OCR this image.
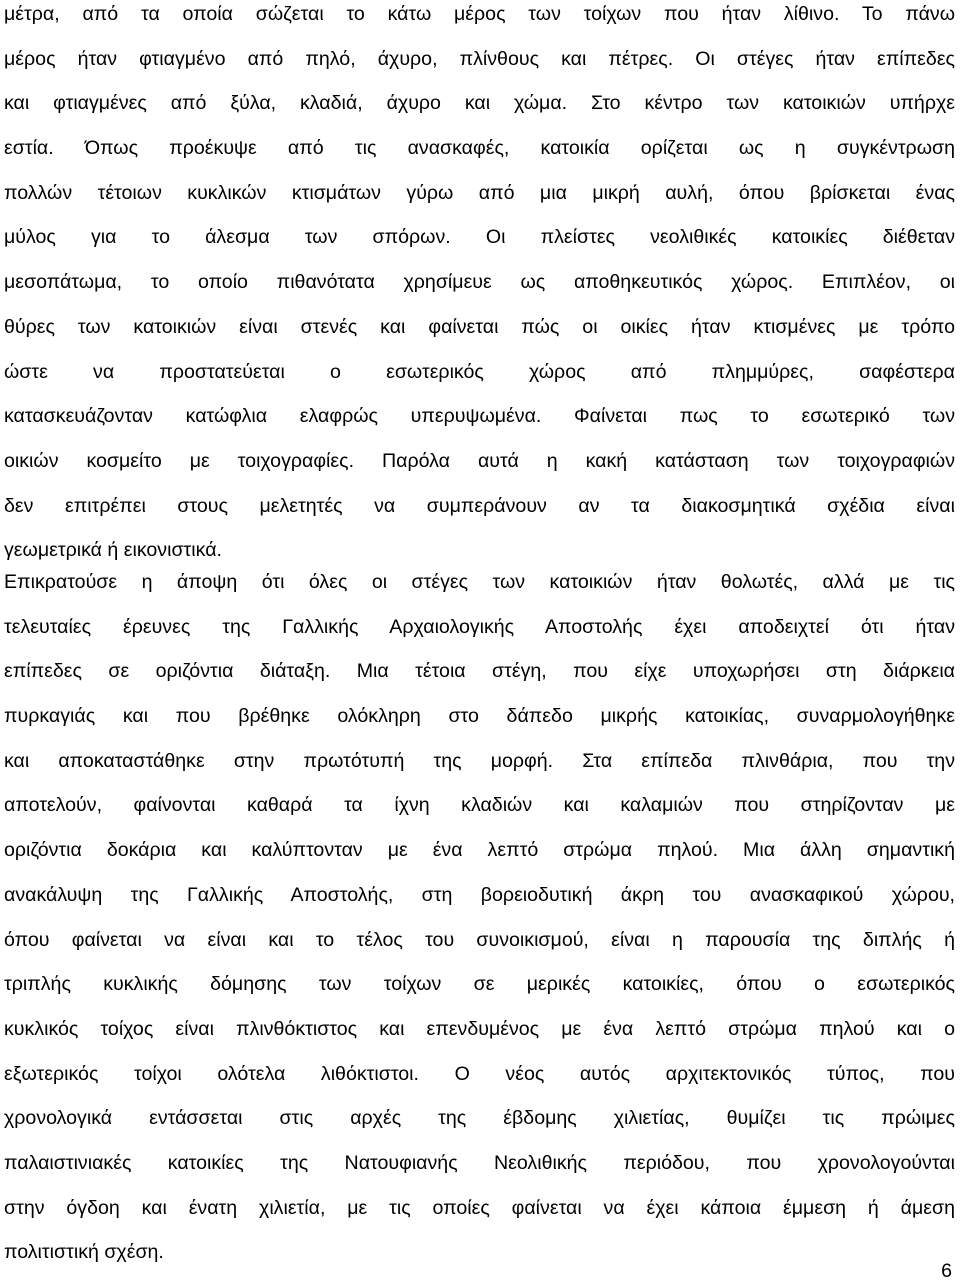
μέτρα, από τα οποία σώζεται το κάτω μέρος των τοίχων που ήταν λίθινο. Το πάνω
μέρος ήταν φτιαγμένο από πηλό, άχυρο, πλίνθους και πέτρες. Οι στέγες ήταν επίπεδες
και φτιαγμένες από ξύλα, κλαδιά, άχυρο και χώμα. Στο κέντρο των κατοικιών υπήρχε
εστία. Όπως προέκυψε από τις ανασκαφές, κατοικία ορίζεται ως η συγκέντρωση
πολλών τέτοιων κυκλικών κτισμάτων γύρω από μια μικρή αυλή, όπου βρίσκεται ένας
μύλος για το άλεσμα των σπόρων. Οι πλείστες νεολιθικές κατοικίες διέθεταν
μεσοπάτωμα, το οποίο πιθανότατα χρησίμευε ως αποθηκευτικός χώρος. Επιπλέον, οι
θύρες των κατοικιών είναι στενές και φαίνεται πώς οι οικίες ήταν κτισμένες με τρόπο
ώστε να προστατεύεται ο εσωτερικός χώρος από πλημμύρες, σαφέστερα
κατασκευάζονταν κατώφλια ελαφρώς υπερυψωμένα. Φαίνεται πως το εσωτερικό των
οικιών κοσμείτο με τοιχογραφίες. Παρόλα αυτά η κακή κατάσταση των τοιχογραφιών
δεν επιτρέπει στους μελετητές να συμπεράνουν αν τα διακοσμητικά σχέδια είναι
γεωμετρικά ή εικονιστικά.
Επικρατούσε η άποψη ότι όλες οι στέγες των κατοικιών ήταν θολωτές, αλλά με τις
τελευταίες έρευνες της Γαλλικής Αρχαιολογικής Αποστολής έχει αποδειχτεί ότι ήταν
επίπεδες σε οριζόντια διάταξη. Μια τέτοια στέγη, που είχε υποχωρήσει στη διάρκεια
πυρκαγιάς και που βρέθηκε ολόκληρη στο δάπεδο μικρής κατοικίας, συναρμολογήθηκε
και αποκαταστάθηκε στην πρωτότυπή της μορφή. Στα επίπεδα πλινθάρια, που την
αποτελούν, φαίνονται καθαρά τα ίχνη κλαδιών και καλαμιών που στηρίζονταν με
οριζόντια δοκάρια και καλύπτονταν με ένα λεπτό στρώμα πηλού. Μια άλλη σημαντική
ανακάλυψη της Γαλλικής Αποστολής, στη βορειοδυτική άκρη του ανασκαφικού χώρου,
όπου φαίνεται να είναι και το τέλος του συνοικισμού, είναι η παρουσία της διπλής ή
τριπλής κυκλικής δόμησης των τοίχων σε μερικές κατοικίες, όπου ο εσωτερικός
κυκλικός τοίχος είναι πλινθόκτιστος και επενδυμένος με ένα λεπτό στρώμα πηλού και ο
εξωτερικός τοίχοι ολότελα λιθόκτιστοι. Ο νέος αυτός αρχιτεκτονικός τύπος, που
χρονολογικά εντάσσεται στις αρχές της έβδομης χιλιετίας, θυμίζει τις πρώιμες
παλαιστινιακές κατοικίες της Νατουφιανής Νεολιθικής περιόδου, που χρονολογούνται
στην όγδοη και ένατη χιλιετία, με τις οποίες φαίνεται να έχει κάποια έμμεση ή άμεση
πολιτιστική σχέση.
6
